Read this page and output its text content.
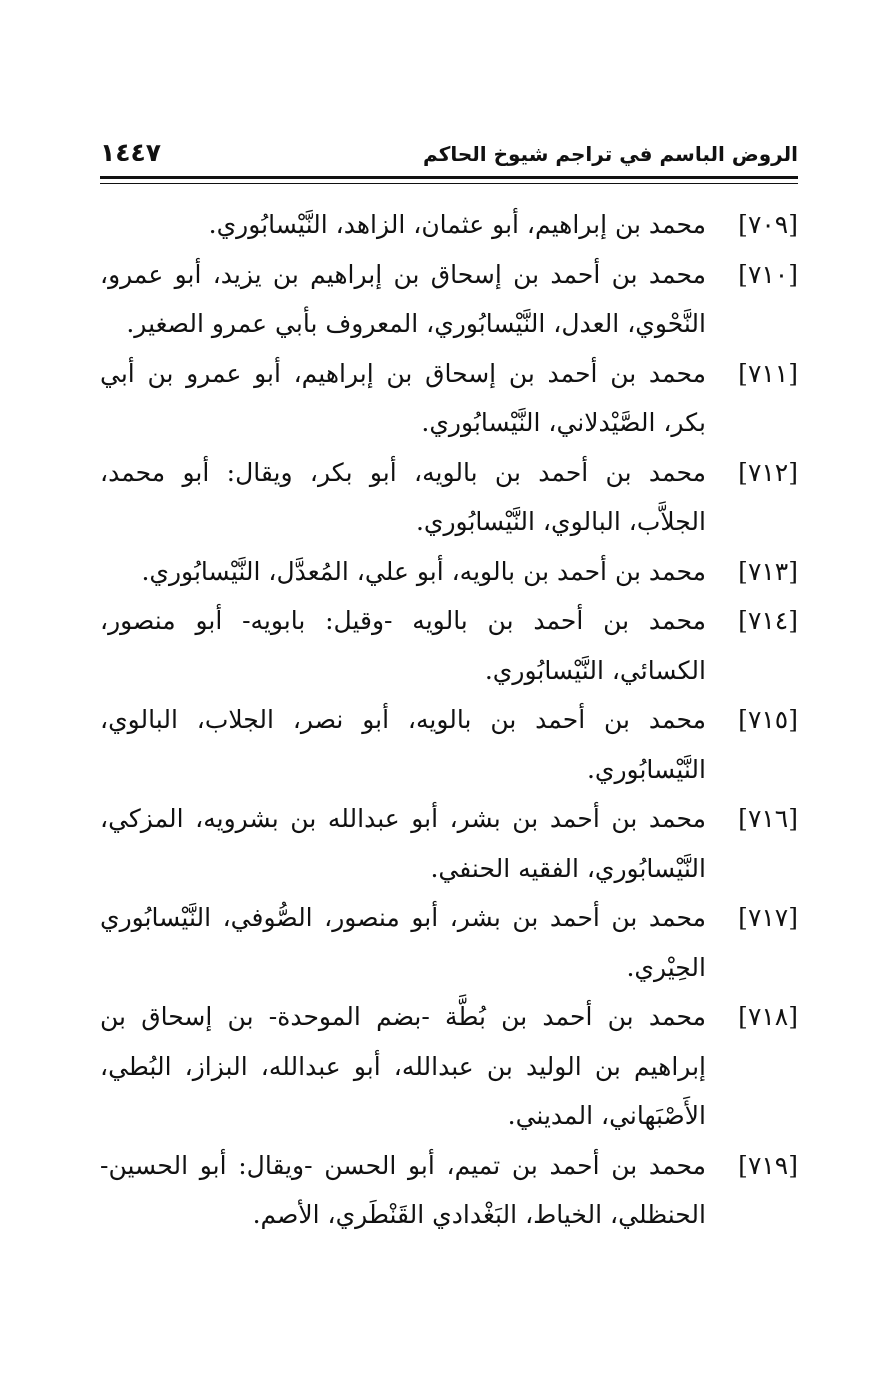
الروض الباسم في تراجم شيوخ الحاكم
١٤٤٧
[٧٠٩]
محمد بن إبراهيم، أبو عثمان، الزاهد، النَّيْسابُوري.
[٧١٠]
محمد بن أحمد بن إسحاق بن إبراهيم بن يزيد، أبو عمرو، النَّحْوي، العدل، النَّيْسابُوري، المعروف بأبي عمرو الصغير.
[٧١١]
محمد بن أحمد بن إسحاق بن إبراهيم، أبو عمرو بن أبي بكر، الصَّيْدلاني، النَّيْسابُوري.
[٧١٢]
محمد بن أحمد بن بالويه، أبو بكر، ويقال: أبو محمد، الجلاَّب، البالوي، النَّيْسابُوري.
[٧١٣]
محمد بن أحمد بن بالويه، أبو علي، المُعدَّل، النَّيْسابُوري.
[٧١٤]
محمد بن أحمد بن بالويه -وقيل: بابويه- أبو منصور، الكسائي، النَّيْسابُوري.
[٧١٥]
محمد بن أحمد بن بالويه، أبو نصر، الجلاب، البالوي، النَّيْسابُوري.
[٧١٦]
محمد بن أحمد بن بشر، أبو عبدالله بن بشرويه، المزكي، النَّيْسابُوري، الفقيه الحنفي.
[٧١٧]
محمد بن أحمد بن بشر، أبو منصور، الصُّوفي، النَّيْسابُوري الحِيْري.
[٧١٨]
محمد بن أحمد بن بُطَّة -بضم الموحدة- بن إسحاق بن إبراهيم بن الوليد بن عبدالله، أبو عبدالله، البزاز، البُطي، الأَصْبَهاني، المديني.
[٧١٩]
محمد بن أحمد بن تميم، أبو الحسن -ويقال: أبو الحسين- الحنظلي، الخياط، البَغْدادي القَنْطَري، الأصم.
